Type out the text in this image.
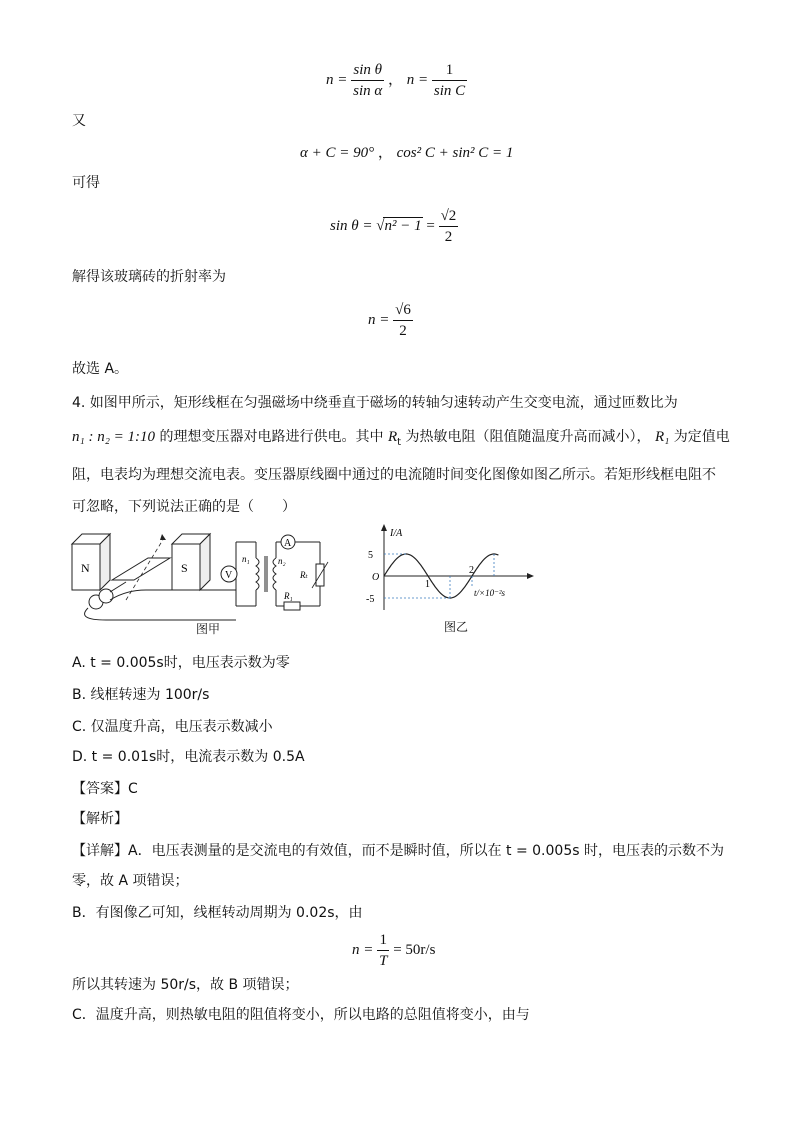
$n = \frac{\text{sin θ}}{\text{sin α}}$ ， $n = \frac{1}{\text{sin C}}$
又
α + C = 90° ， cos² C + sin² C = 1
可得
$\sin \theta = √n^2 - 1 = \frac{√2}{2}$
解得该玻璃砖的折射率为
$n = \frac{√6}{2}$
故选 A。
4. 如图甲所示，矩形线框在匀强磁场中绕垂直于磁场的转轴匀速转动产生交变电流，通过匝数比为
n₁ : n₂ = 1:10 的理想变压器对电路进行供电。其中 $R_t$ 为热敏电阻（阻值随温度升高而减小）， R₁ 为定值电
阻，电表均为理想交流电表。变压器原线圈中通过的电流随时间变化图像如图乙所示。若矩形线框电阻不
可忽略，下列说法正确的是（　　）
N	S
V
n₁	n₂
A
Rₜ
R₁
图甲
I/A
t/×10⁻²s
O
5
-5
1
2
图乙
A. t = 0.005s时，电压表示数为零
B. 线框转速为 100r/s
C. 仅温度升高，电压表示数减小
D. t = 0.01s时，电流表示数为 0.5A
【答案】C
【解析】
【详解】A．电压表测量的是交流电的有效值，而不是瞬时值，所以在 t = 0.005s 时，电压表的示数不为
零，故 A 项错误；
B．有图像乙可知，线框转动周期为 0.02s，由
$n = \frac{1}{T} = 50r/s$
所以其转速为 50r/s，故 B 项错误；
C．温度升高，则热敏电阻的阻值将变小，所以电路的总阻值将变小，由与
